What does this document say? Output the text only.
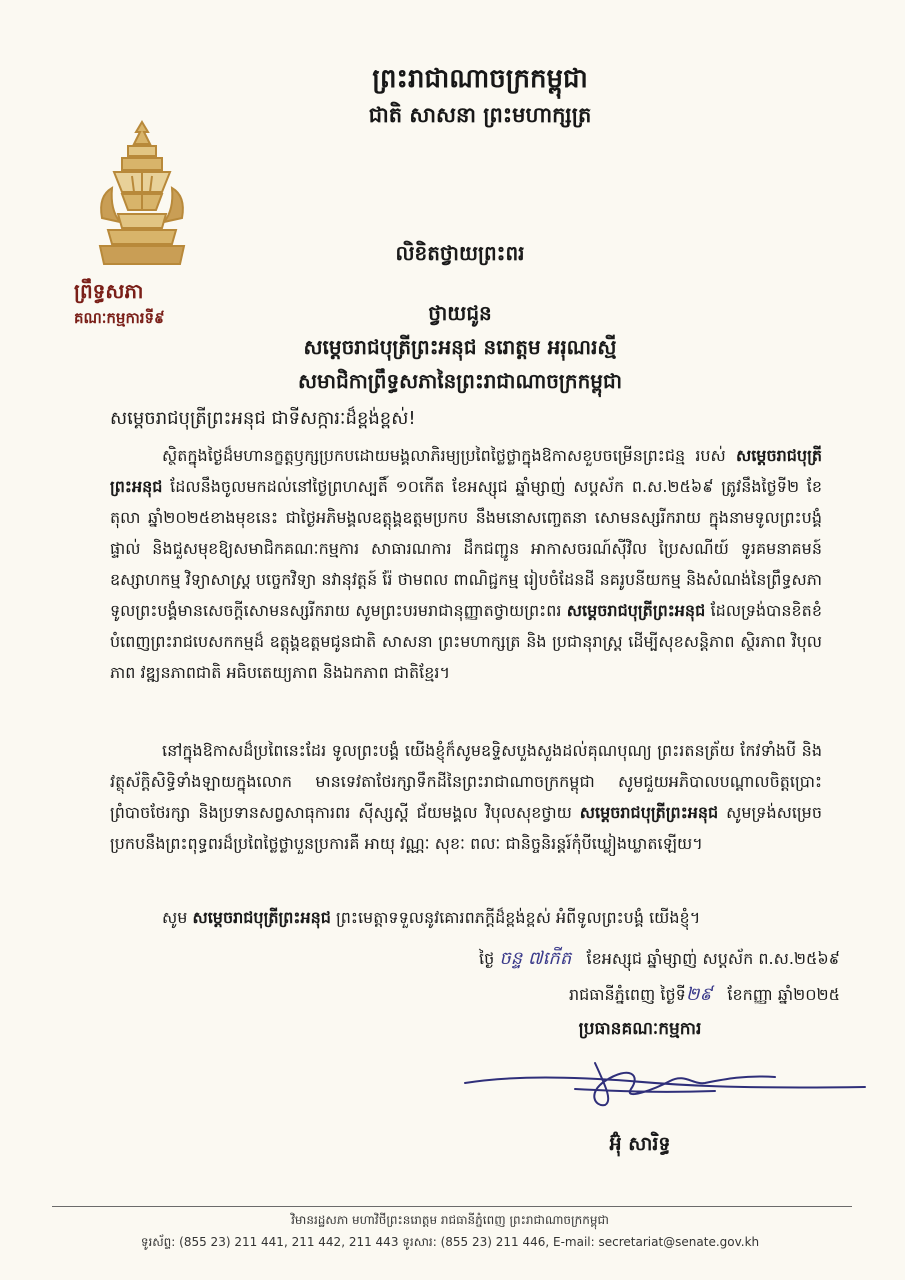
ព្រះរាជាណាចក្រកម្ពុជា
ជាតិ សាសនា ព្រះមហាក្សត្រ
ព្រឹទ្ធសភា
គណៈកម្មការទី៩
លិខិតថ្វាយព្រះពរ
ថ្វាយជូន
សម្តេចរាជបុត្រីព្រះអនុជ នរោត្តម អរុណរស្មី
សមាជិកាព្រឹទ្ធសភានៃព្រះរាជាណាចក្រកម្ពុជា
សម្តេចរាជបុត្រីព្រះអនុជ ជាទីសក្ការៈដ៏ខ្ពង់ខ្ពស់!

ស្ថិតក្នុងថ្ងៃដ៏មហានក្ខត្តឫក្សប្រកបដោយមង្គលាភិរម្យប្រពៃថ្លៃថ្លាក្នុងឱកាសខួបចម្រើនព្រះជន្ម របស់ សម្តេចរាជបុត្រីព្រះអនុជ ដែលនឹងចូលមកដល់នៅថ្ងៃព្រហស្បតិ៍ ១០កើត ខែអស្សុជ ឆ្នាំម្សាញ់ សប្តស័ក ព.ស.២៥៦៩ ត្រូវនឹងថ្ងៃទី២ ខែតុលា ឆ្នាំ២០២៥ខាងមុខនេះ ជាថ្ងៃអភិមង្គលឧត្តុង្គឧត្តមប្រកប នឹងមនោសញ្ចេតនា សោមនស្សរីករាយ ក្នុងនាមទូលព្រះបង្គំផ្ទាល់ និងជួសមុខឱ្យសមាជិកគណៈកម្មការ សាធារណការ ដឹកជញ្ជូន អាកាសចរណ៍ស៊ីវិល ប្រៃសណីយ៍ ទូរគមនាគមន៍ ឧស្សាហកម្ម វិទ្យាសាស្ត្រ បច្ចេកវិទ្យា នវានុវត្តន៍ រ៉ែ ថាមពល ពាណិជ្ជកម្ម រៀបចំដែនដី នគរូបនីយកម្ម និងសំណង់នៃព្រឹទ្ធសភា ទូលព្រះបង្គំមានសេចក្តីសោមនស្សរីករាយ សូមព្រះបរមរាជានុញ្ញាតថ្វាយព្រះពរ សម្តេចរាជបុត្រីព្រះអនុជ ដែលទ្រង់បានខិតខំបំពេញព្រះរាជបេសកកម្មដ៏ ឧត្តុង្គឧត្តមជូនជាតិ សាសនា ព្រះមហាក្សត្រ និង ប្រជានុរាស្ត្រ ដើម្បីសុខសន្តិភាព ស្ថិរភាព វិបុលភាព វឌ្ឍនភាពជាតិ អធិបតេយ្យភាព និងឯកភាព ជាតិខ្មែរ។

នៅក្នុងឱកាសដ៏ប្រពៃនេះដែរ ទូលព្រះបង្គំ យើងខ្ញុំក៏សូមឧទ្ទិសបួងសួងដល់គុណបុណ្យ ព្រះរតនត្រ័យ កែវទាំងបី និងវត្ថុស័ក្តិសិទ្ធិទាំងឡាយក្នុងលោក មានទេវតាថែរក្សាទឹកដីនៃព្រះរាជាណាចក្រកម្ពុជា សូមជួយអភិបាលបណ្តាលចិត្តប្រោះព្រំបាចថែរក្សា និងប្រទានសព្វសាធុការពរ ស៊ីស្សស្តី ជ័យមង្គល វិបុលសុខថ្វាយ សម្តេចរាជបុត្រីព្រះអនុជ សូមទ្រង់សម្រេចប្រកបនឹងព្រះពុទ្ធពរដ៏ប្រពៃថ្លៃថ្លាបួនប្រការគឺ អាយុ វណ្ណៈ សុខៈ ពលៈ ជានិច្ចនិរន្តរ៍កុំបីឃ្លៀងឃ្លាតឡើយ។

សូម សម្តេចរាជបុត្រីព្រះអនុជ ព្រះមេត្តាទទួលនូវគោរពភក្តីដ៏ខ្ពង់ខ្ពស់ អំពីទូលព្រះបង្គំ យើងខ្ញុំ។

ថ្ងៃ ចន្ទ ៧កើត ខែអស្សុជ ឆ្នាំម្សាញ់ សប្តស័ក ព.ស.២៥៦៩
រាជធានីភ្នំពេញ ថ្ងៃទី២៩ ខែកញ្ញា ឆ្នាំ២០២៥
ប្រធានគណៈកម្មការ
អ៊ុំ សារិទ្ធ
វិមានរដ្ឋសភា មហាវិថីព្រះនរោត្តម រាជធានីភ្នំពេញ ព្រះរាជាណាចក្រកម្ពុជា
ទូរស័ព្ទ: (855 23) 211 441, 211 442, 211 443 ទូរសារ: (855 23) 211 446, E-mail: secretariat@senate.gov.kh
